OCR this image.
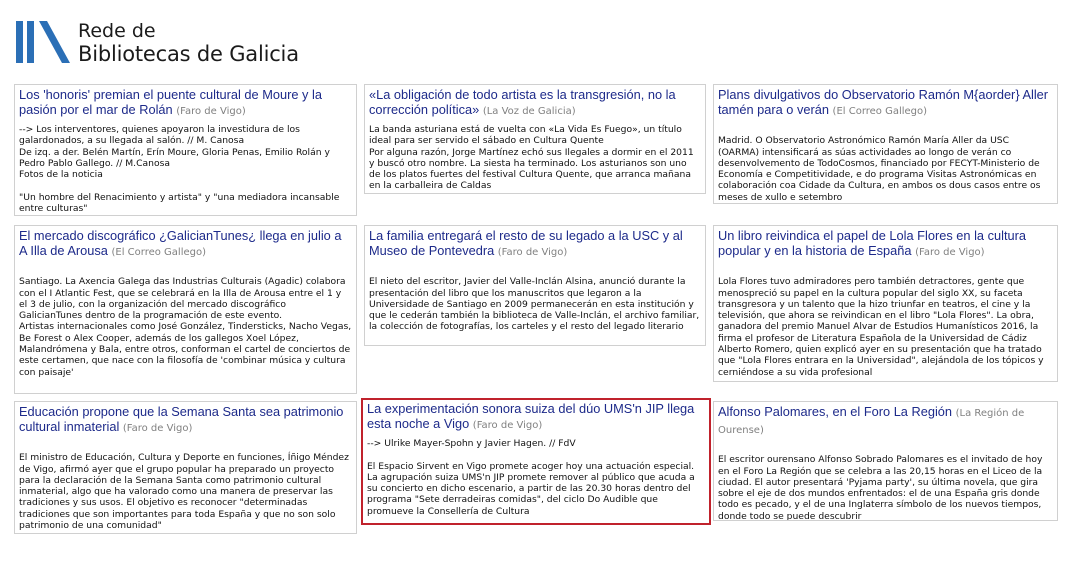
Rede de
Bibliotecas de Galicia
Los 'honoris' premian el puente cultural de Moure y la pasión por el mar de Rolán (Faro de Vigo)
--> Los interventores, quienes apoyaron la investidura de los galardonados, a su llegada al salón. // M. Canosa
De izq. a der. Belén Martín, Erín Moure, Gloria Penas, Emilio Rolán y Pedro Pablo Gallego. // M.Canosa
Fotos de la noticia

"Un hombre del Renacimiento y artista" y "una mediadora incansable entre culturas"
«La obligación de todo artista es la transgresión, no la corrección política» (La Voz de Galicia)
La banda asturiana está de vuelta con «La Vida Es Fuego», un título ideal para ser servido el sábado en Cultura Quente
Por alguna razón, Jorge Martínez echó sus Ilegales a dormir en el 2011 y buscó otro nombre. La siesta ha terminado. Los asturianos son uno de los platos fuertes del festival Cultura Quente, que arranca mañana en la carballeira de Caldas
Plans divulgativos do Observatorio Ramón M{aorder} Aller tamén para o verán (El Correo Gallego)

Madrid. O Observatorio Astronómico Ramón María Aller da USC (OARMA) intensificará as súas actividades ao longo de verán co desenvolvemento de TodoCosmos, financiado por FECYT-Ministerio de Economía e Competitividade, e do programa Visitas Astronómicas en colaboración coa Cidade da Cultura, en ambos os dous casos entre os meses de xullo e setembro
El mercado discográfico ¿GalicianTunes¿ llega en julio a A Illa de Arousa (El Correo Gallego)

Santiago. La Axencia Galega das Industrias Culturais (Agadic) colabora con el I Atlantic Fest, que se celebrará en la Illa de Arousa entre el 1 y el 3 de julio, con la organización del mercado discográfico GalicianTunes dentro de la programación de este evento.
Artistas internacionales como José González, Tindersticks, Nacho Vegas, Be Forest o Alex Cooper, además de los gallegos Xoel López, Malandrómena y Bala, entre otros, conforman el cartel de conciertos de este certamen, que nace con la filosofía de 'combinar música y cultura con paisaje'
La familia entregará el resto de su legado a la USC y al Museo de Pontevedra (Faro de Vigo)

El nieto del escritor, Javier del Valle-Inclán Alsina, anunció durante la presentación del libro que los manuscritos que legaron a la Universidade de Santiago en 2009 permanecerán en esta institución y que le cederán también la biblioteca de Valle-Inclán, el archivo familiar, la colección de fotografías, los carteles y el resto del legado literario
Un libro reivindica el papel de Lola Flores en la cultura popular y en la historia de España (Faro de Vigo)

Lola Flores tuvo admiradores pero también detractores, gente que menospreció su papel en la cultura popular del siglo XX, su faceta transgresora y un talento que la hizo triunfar en teatros, el cine y la televisión, que ahora se reivindican en el libro "Lola Flores". La obra, ganadora del premio Manuel Alvar de Estudios Humanísticos 2016, la firma el profesor de Literatura Española de la Universidad de Cádiz Alberto Romero, quien explicó ayer en su presentación que ha tratado que "Lola Flores entrara en la Universidad", alejándola de los tópicos y cerniéndose a su vida profesional
Educación propone que la Semana Santa sea patrimonio cultural inmaterial (Faro de Vigo)

El ministro de Educación, Cultura y Deporte en funciones, Íñigo Méndez de Vigo, afirmó ayer que el grupo popular ha preparado un proyecto para la declaración de la Semana Santa como patrimonio cultural inmaterial, algo que ha valorado como una manera de preservar las tradiciones y sus usos. El objetivo es reconocer "determinadas tradiciones que son importantes para toda España y que no son solo patrimonio de una comunidad"
La experimentación sonora suiza del dúo UMS'n JIP llega esta noche a Vigo (Faro de Vigo)
--> Ulrike Mayer-Spohn y Javier Hagen. // FdV

El Espacio Sirvent en Vigo promete acoger hoy una actuación especial. La agrupación suiza UMS'n JIP promete remover al público que acuda a su concierto en dicho escenario, a partir de las 20.30 horas dentro del programa "Sete derradeiras comidas", del ciclo Do Audible que promueve la Consellería de Cultura
Alfonso Palomares, en el Foro La Región (La Región de Ourense)

El escritor ourensano Alfonso Sobrado Palomares es el invitado de hoy en el Foro La Región que se celebra a las 20,15 horas en el Liceo de la ciudad. El autor presentará 'Pyjama party', su última novela, que gira sobre el eje de dos mundos enfrentados: el de una España gris donde todo es pecado, y el de una Inglaterra símbolo de los nuevos tiempos, donde todo se puede descubrir
